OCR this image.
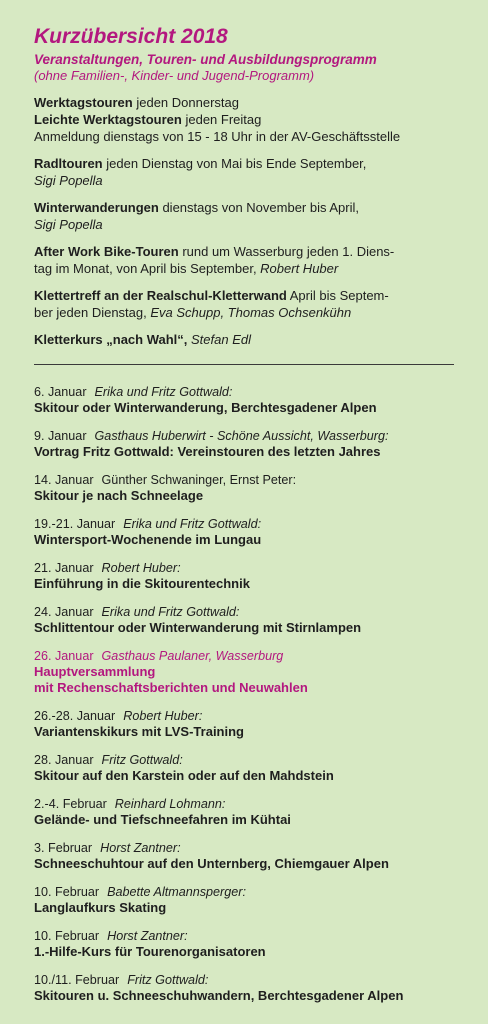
Kurzübersicht 2018
Veranstaltungen, Touren- und Ausbildungsprogramm
(ohne Familien-, Kinder- und Jugend-Programm)
Werktagstouren jeden Donnerstag
Leichte Werktagstouren jeden Freitag
Anmeldung dienstags von 15 - 18 Uhr in der AV-Geschäftsstelle
Radltouren jeden Dienstag von Mai bis Ende September,
Sigi Popella
Winterwanderungen dienstags von November bis April,
Sigi Popella
After Work Bike-Touren rund um Wasserburg jeden 1. Diens-
tag im Monat, von April bis September, Robert Huber
Klettertreff an der Realschul-Kletterwand April bis Septem-
ber jeden Dienstag, Eva Schupp, Thomas Ochsenkühn
Kletterkurs „nach Wahl“, Stefan Edl
6. Januar Erika und Fritz Gottwald:
Skitour oder Winterwanderung, Berchtesgadener Alpen
9. Januar Gasthaus Huberwirt - Schöne Aussicht, Wasserburg:
Vortrag Fritz Gottwald: Vereinstouren des letzten Jahres
14. Januar Günther Schwaninger, Ernst Peter:
Skitour je nach Schneelage
19.-21. Januar Erika und Fritz Gottwald:
Wintersport-Wochenende im Lungau
21. Januar Robert Huber:
Einführung in die Skitourentechnik
24. Januar Erika und Fritz Gottwald:
Schlittentour oder Winterwanderung mit Stirnlampen
26. Januar Gasthaus Paulaner, Wasserburg
Hauptversammlung
mit Rechenschaftsberichten und Neuwahlen
26.-28. Januar Robert Huber:
Variantenskikurs mit LVS-Training
28. Januar Fritz Gottwald:
Skitour auf den Karstein oder auf den Mahdstein
2.-4. Februar Reinhard Lohmann:
Gelände- und Tiefschneefahren im Kühtai
3. Februar Horst Zantner:
Schneeschuhtour auf den Unternberg, Chiemgauer Alpen
10. Februar Babette Altmannsperger:
Langlaufkurs Skating
10. Februar Horst Zantner:
1.-Hilfe-Kurs für Tourenorganisatoren
10./11. Februar Fritz Gottwald:
Skitouren u. Schneeschuhwandern, Berchtesgadener Alpen
